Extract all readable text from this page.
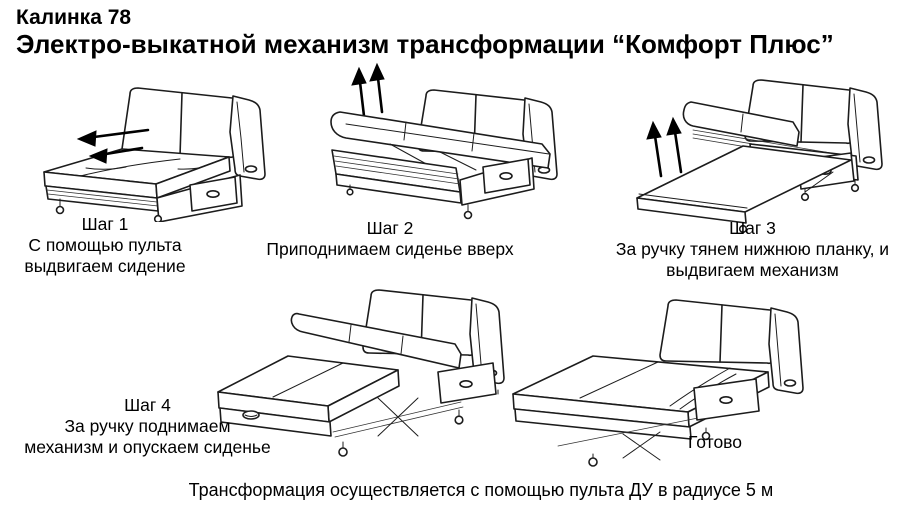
Калинка 78
Электро-выкатной механизм трансформации “Комфорт Плюс”
Шаг 1
С помощью пульта
выдвигаем сидение
Шаг 2
Приподнимаем сиденье вверх
Шаг 3
За ручку тянем нижнюю планку, и
выдвигаем механизм
Шаг 4
За ручку поднимаем
механизм и опускаем сиденье	Готово
Трансформация осуществляется с помощью пульта ДУ в радиусе 5 м
